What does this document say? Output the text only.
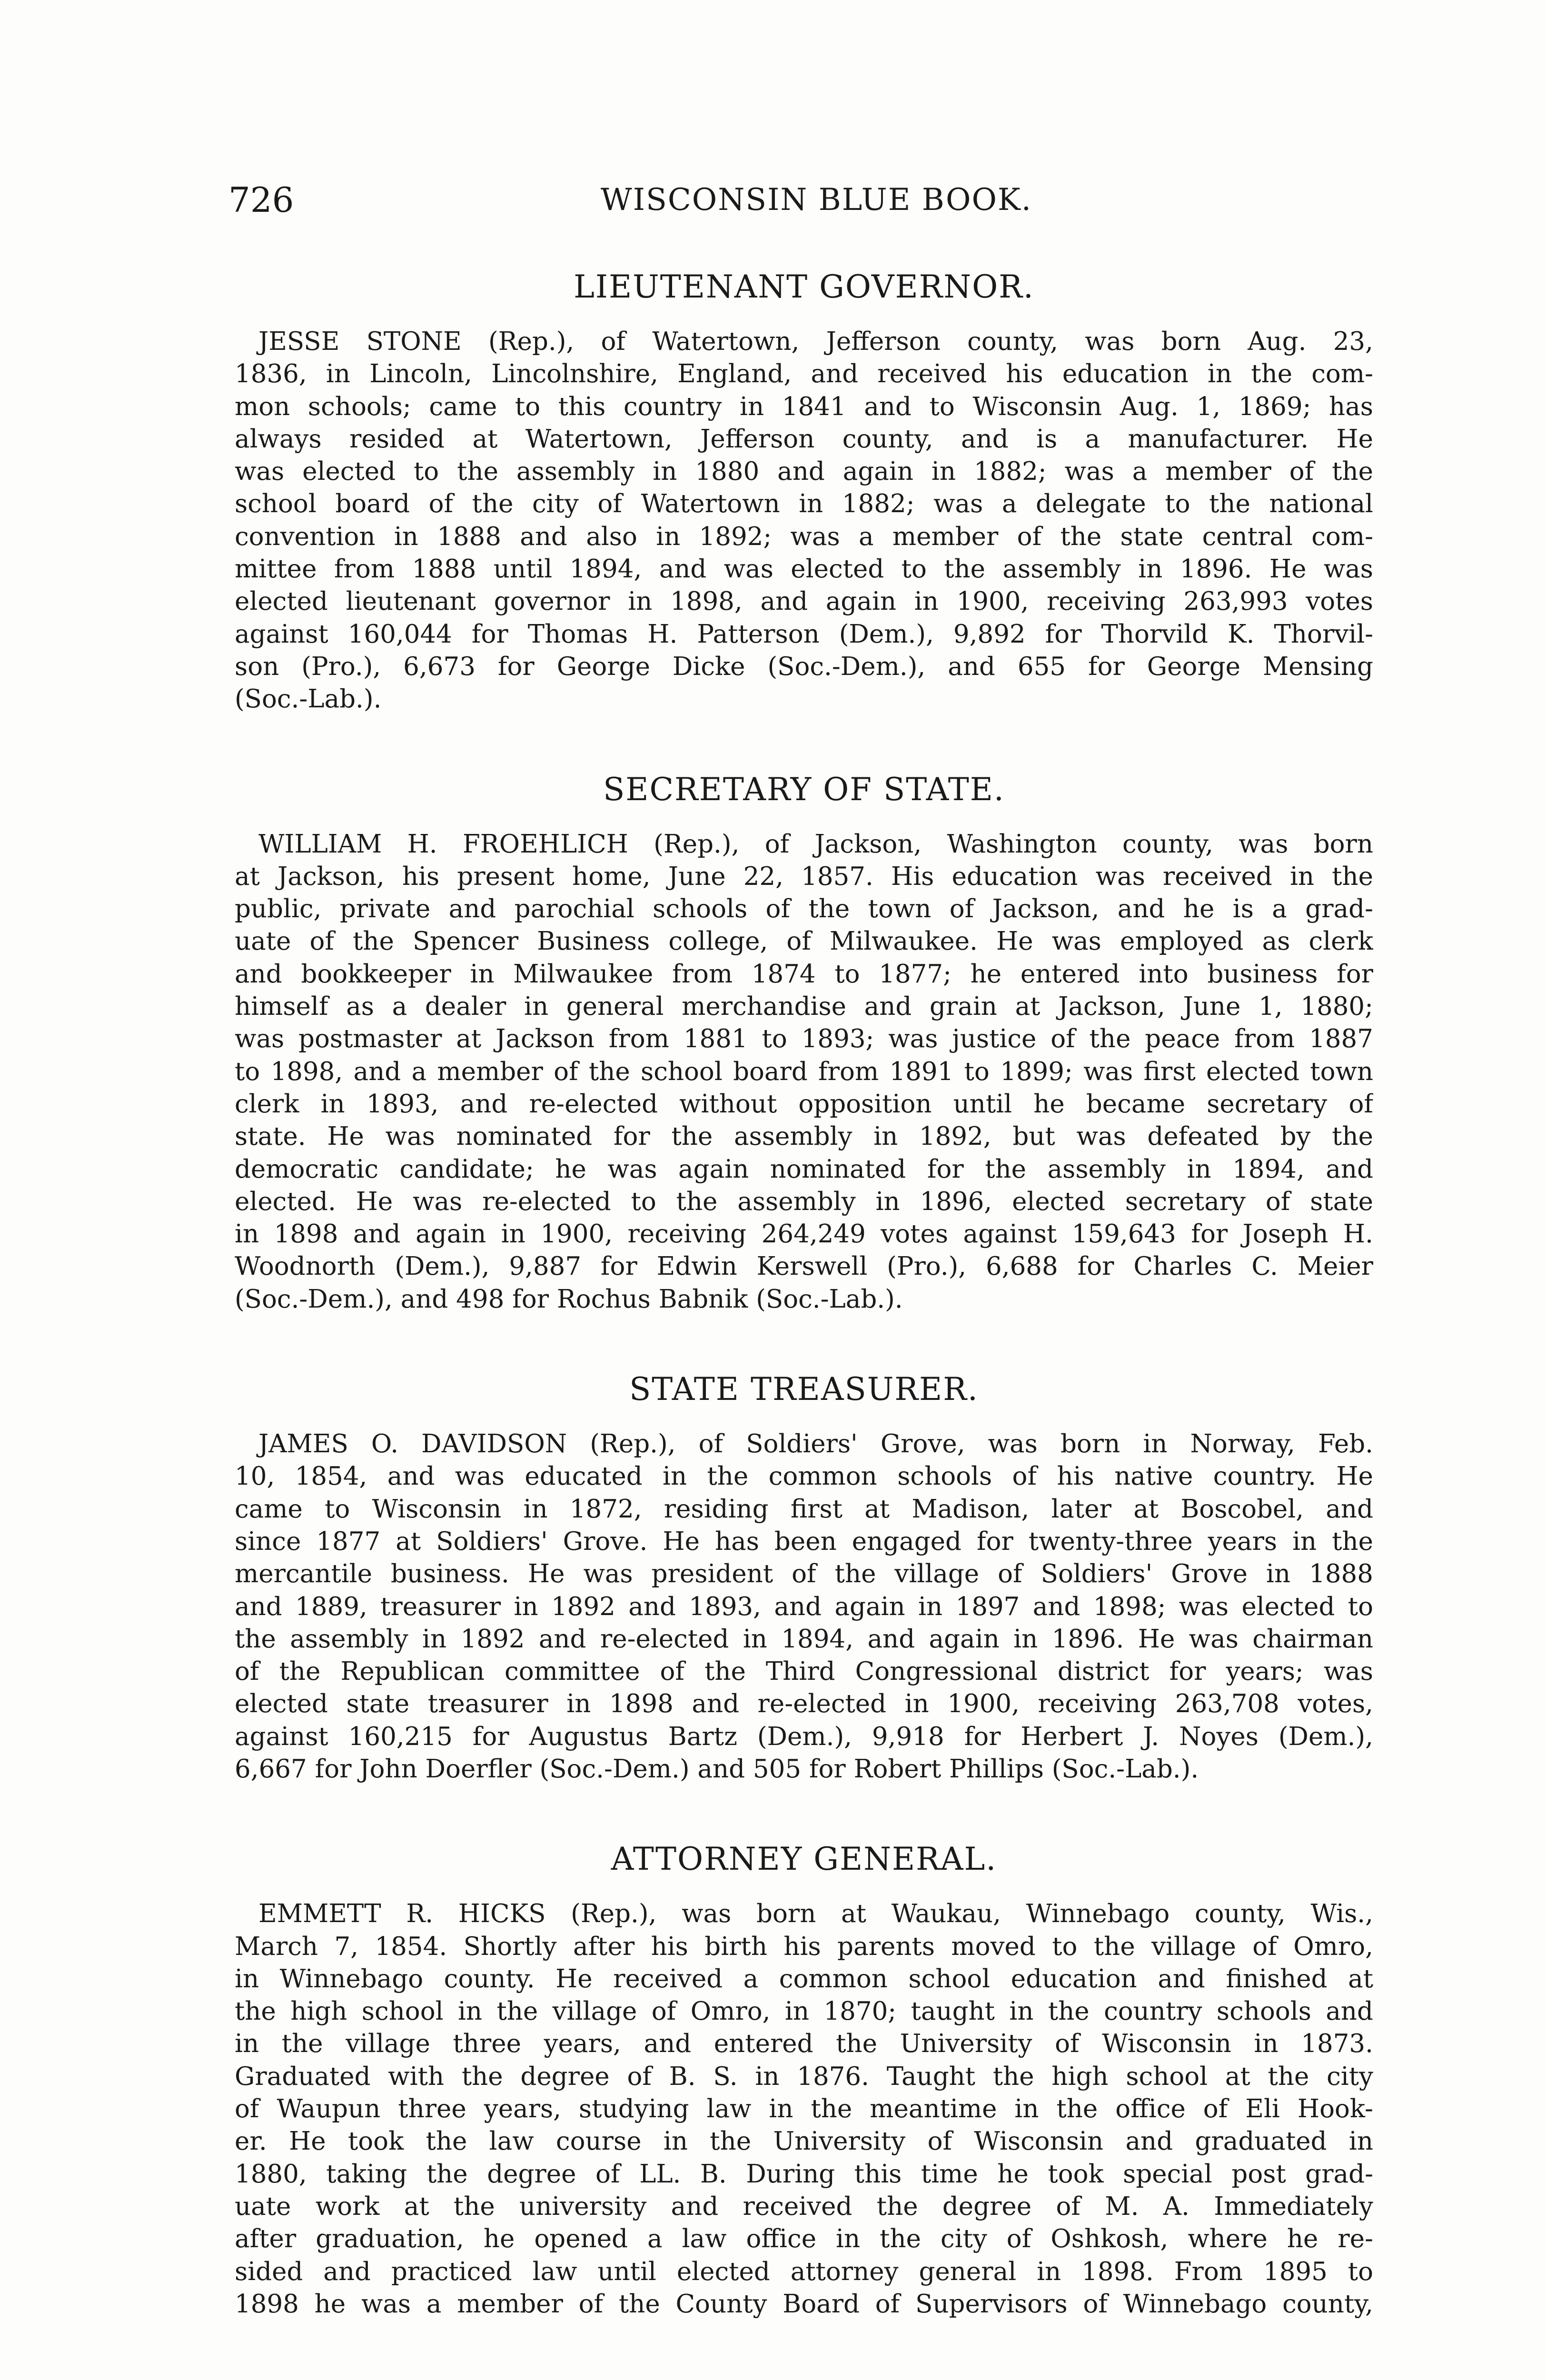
726	WISCONSIN BLUE BOOK.
LIEUTENANT GOVERNOR.
JESSE STONE (Rep.), of Watertown, Jefferson county, was born Aug. 23,
1836, in Lincoln, Lincolnshire, England, and received his education in the com-
mon schools; came to this country in 1841 and to Wisconsin Aug. 1, 1869; has
always resided at Watertown, Jefferson county, and is a manufacturer. He
was elected to the assembly in 1880 and again in 1882; was a member of the
school board of the city of Watertown in 1882; was a delegate to the national
convention in 1888 and also in 1892; was a member of the state central com-
mittee from 1888 until 1894, and was elected to the assembly in 1896. He was
elected lieutenant governor in 1898, and again in 1900, receiving 263,993 votes
against 160,044 for Thomas H. Patterson (Dem.), 9,892 for Thorvild K. Thorvil-
son (Pro.), 6,673 for George Dicke (Soc.-Dem.), and 655 for George Mensing
(Soc.-Lab.).
SECRETARY OF STATE.
WILLIAM H. FROEHLICH (Rep.), of Jackson, Washington county, was born
at Jackson, his present home, June 22, 1857. His education was received in the
public, private and parochial schools of the town of Jackson, and he is a grad-
uate of the Spencer Business college, of Milwaukee. He was employed as clerk
and bookkeeper in Milwaukee from 1874 to 1877; he entered into business for
himself as a dealer in general merchandise and grain at Jackson, June 1, 1880;
was postmaster at Jackson from 1881 to 1893; was justice of the peace from 1887
to 1898, and a member of the school board from 1891 to 1899; was first elected town
clerk in 1893, and re-elected without opposition until he became secretary of
state. He was nominated for the assembly in 1892, but was defeated by the
democratic candidate; he was again nominated for the assembly in 1894, and
elected. He was re-elected to the assembly in 1896, elected secretary of state
in 1898 and again in 1900, receiving 264,249 votes against 159,643 for Joseph H.
Woodnorth (Dem.), 9,887 for Edwin Kerswell (Pro.), 6,688 for Charles C. Meier
(Soc.-Dem.), and 498 for Rochus Babnik (Soc.-Lab.).
STATE TREASURER.
JAMES O. DAVIDSON (Rep.), of Soldiers' Grove, was born in Norway, Feb.
10, 1854, and was educated in the common schools of his native country. He
came to Wisconsin in 1872, residing first at Madison, later at Boscobel, and
since 1877 at Soldiers' Grove. He has been engaged for twenty-three years in the
mercantile business. He was president of the village of Soldiers' Grove in 1888
and 1889, treasurer in 1892 and 1893, and again in 1897 and 1898; was elected to
the assembly in 1892 and re-elected in 1894, and again in 1896. He was chairman
of the Republican committee of the Third Congressional district for years; was
elected state treasurer in 1898 and re-elected in 1900, receiving 263,708 votes,
against 160,215 for Augustus Bartz (Dem.), 9,918 for Herbert J. Noyes (Dem.),
6,667 for John Doerfler (Soc.-Dem.) and 505 for Robert Phillips (Soc.-Lab.).
ATTORNEY GENERAL.
EMMETT R. HICKS (Rep.), was born at Waukau, Winnebago county, Wis.,
March 7, 1854. Shortly after his birth his parents moved to the village of Omro,
in Winnebago county. He received a common school education and finished at
the high school in the village of Omro, in 1870; taught in the country schools and
in the village three years, and entered the University of Wisconsin in 1873.
Graduated with the degree of B. S. in 1876. Taught the high school at the city
of Waupun three years, studying law in the meantime in the office of Eli Hook-
er. He took the law course in the University of Wisconsin and graduated in
1880, taking the degree of LL. B. During this time he took special post grad-
uate work at the university and received the degree of M. A. Immediately
after graduation, he opened a law office in the city of Oshkosh, where he re-
sided and practiced law until elected attorney general in 1898. From 1895 to
1898 he was a member of the County Board of Supervisors of Winnebago county,
